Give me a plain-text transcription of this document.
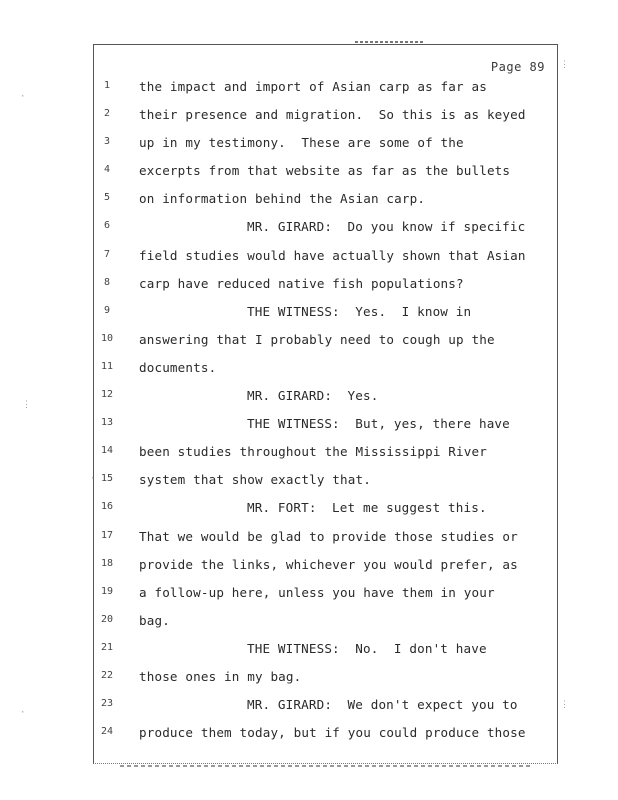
Page 89
1
2
3
4
5
6
7
8
9
10
11
12
13
14
15
16
17
18
19
20
21
22
23
24
the impact and import of Asian carp as far as
their presence and migration.  So this is as keyed
up in my testimony.  These are some of the
excerpts from that website as far as the bullets
on information behind the Asian carp.
MR. GIRARD:  Do you know if specific
field studies would have actually shown that Asian
carp have reduced native fish populations?
THE WITNESS:  Yes.  I know in
answering that I probably need to cough up the
documents.
MR. GIRARD:  Yes.
THE WITNESS:  But, yes, there have
been studies throughout the Mississippi River
system that show exactly that.
MR. FORT:  Let me suggest this.
That we would be glad to provide those studies or
provide the links, whichever you would prefer, as
a follow-up here, unless you have them in your
bag.
THE WITNESS:  No.  I don't have
those ones in my bag.
MR. GIRARD:  We don't expect you to
produce them today, but if you could produce those
·
⋮
·
·
⋮
⋮
